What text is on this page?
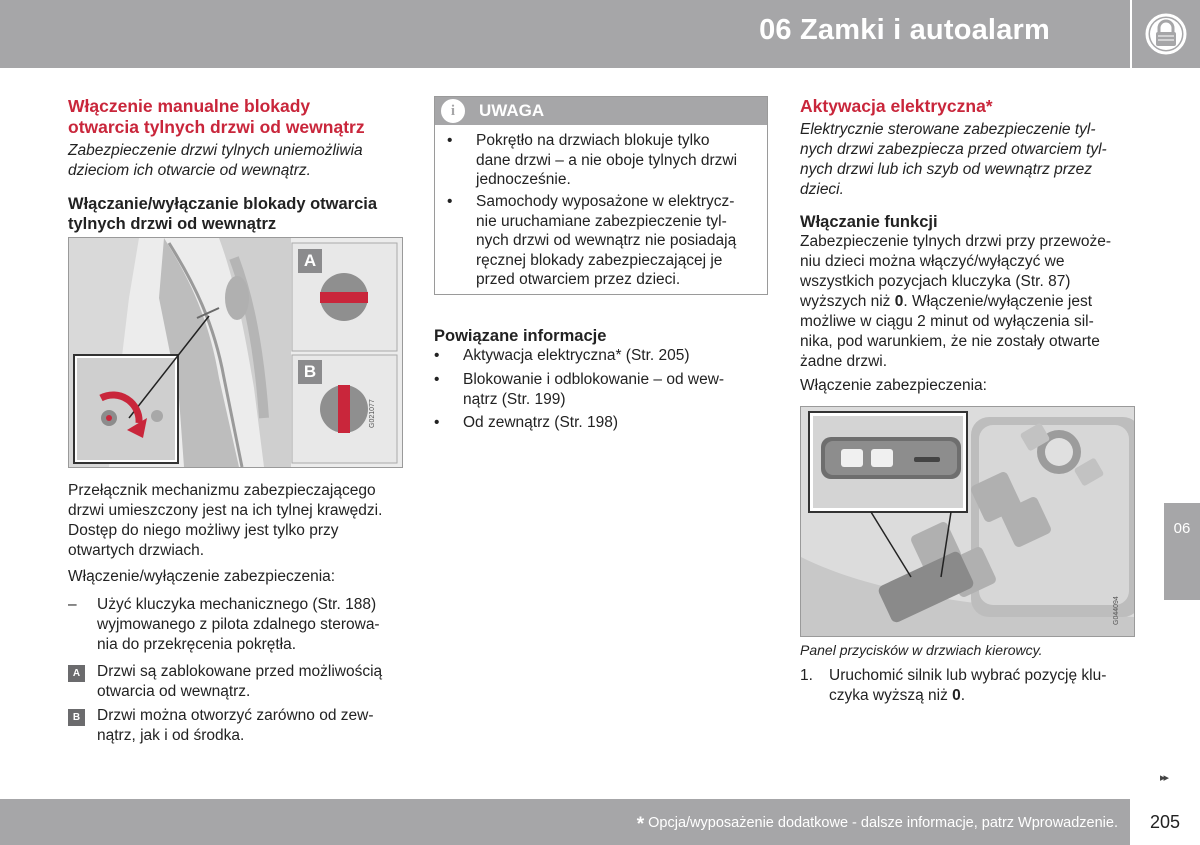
06 Zamki i autoalarm
06
Włączenie manualne blokady
otwarcia tylnych drzwi od wewnątrz
Zabezpieczenie drzwi tylnych uniemożliwia
dzieciom ich otwarcie od wewnątrz.
Włączanie/wyłączanie blokady otwarcia
tylnych drzwi od wewnątrz
Przełącznik mechanizmu zabezpieczającego
drzwi umieszczony jest na ich tylnej krawędzi.
Dostęp do niego możliwy jest tylko przy
otwartych drzwiach.
Włączenie/wyłączenie zabezpieczenia:
– Użyć kluczyka mechanicznego (Str. 188)
wyjmowanego z pilota zdalnego sterowa-
nia do przekręcenia pokrętła.
A	Drzwi są zablokowane przed możliwością
otwarcia od wewnątrz.
B	Drzwi można otworzyć zarówno od zew-
nątrz, jak i od środka.
A
B
G021077
i	UWAGA
• Pokrętło na drzwiach blokuje tylko
dane drzwi – a nie oboje tylnych drzwi
jednocześnie.
• Samochody wyposażone w elektrycz-
nie uruchamiane zabezpieczenie tyl-
nych drzwi od wewnątrz nie posiadają
ręcznej blokady zabezpieczającej je
przed otwarciem przez dzieci.
Powiązane informacje
• Aktywacja elektryczna* (Str. 205)
• Blokowanie i odblokowanie – od wew-
nątrz (Str. 199)
• Od zewnątrz (Str. 198)
Aktywacja elektryczna*
Elektrycznie sterowane zabezpieczenie tyl-
nych drzwi zabezpiecza przed otwarciem tyl-
nych drzwi lub ich szyb od wewnątrz przez
dzieci.
Włączanie funkcji
Zabezpieczenie tylnych drzwi przy przewoże-
niu dzieci można włączyć/wyłączyć we
wszystkich pozycjach kluczyka (Str. 87)
wyższych niż 0. Włączenie/wyłączenie jest
możliwe w ciągu 2 minut od wyłączenia sil-
nika, pod warunkiem, że nie zostały otwarte
żadne drzwi.
Włączenie zabezpieczenia:
G044094
Panel przycisków w drzwiach kierowcy.
1. Uruchomić silnik lub wybrać pozycję klu-
czyka wyższą niż 0.
▸▸
* Opcja/wyposażenie dodatkowe - dalsze informacje, patrz Wprowadzenie. 205
